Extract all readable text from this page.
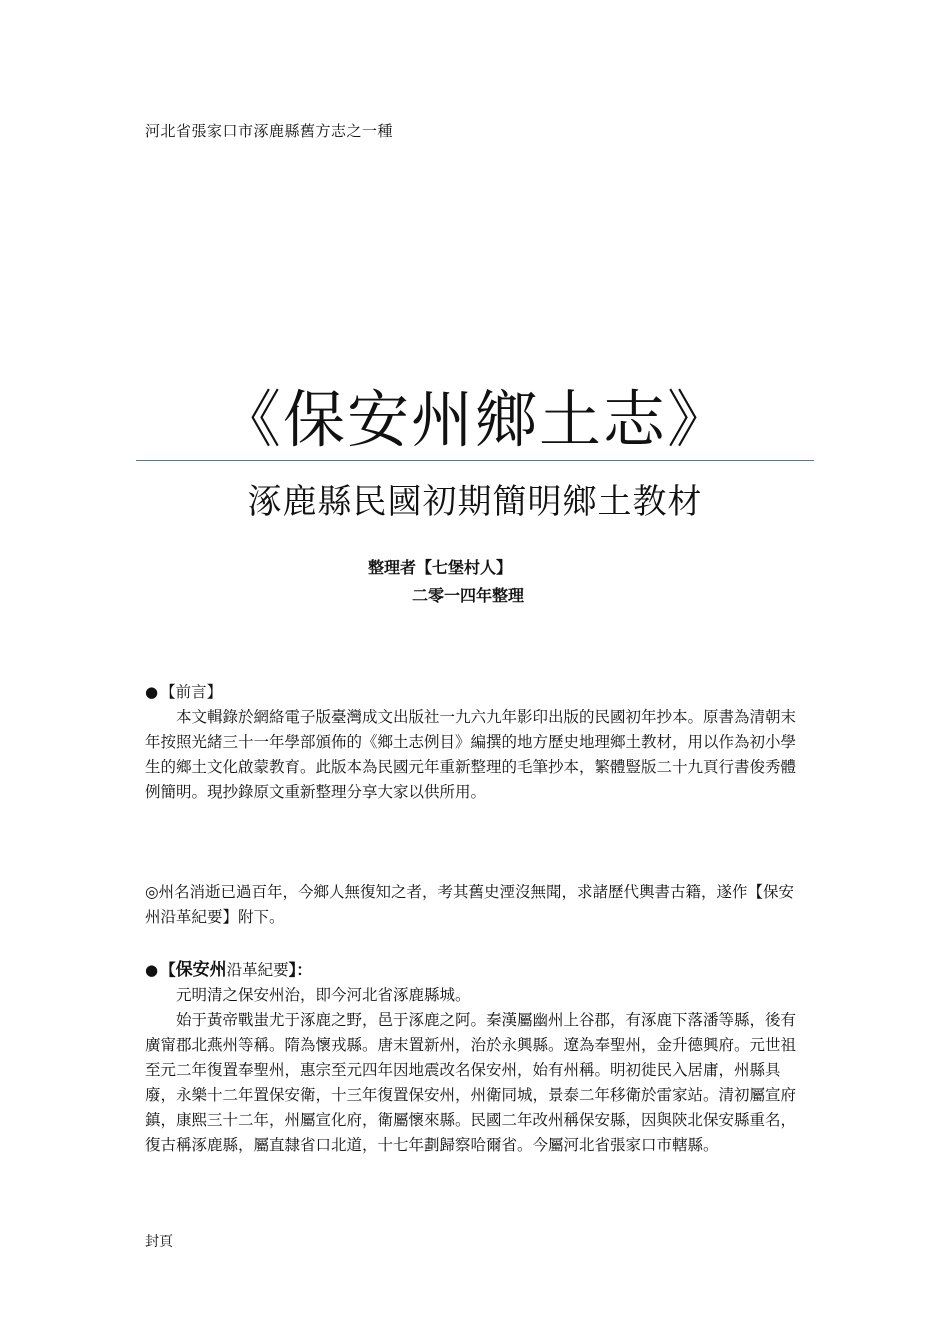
河北省張家口市涿鹿縣舊方志之一種
《保安州鄉土志》
涿鹿縣民國初期簡明鄉土教材
整理者【七堡村人】
二零一四年整理
● 【前言】
本文輯錄於網絡電子版臺灣成文出版社一九六九年影印出版的民國初年抄本。原書為清朝末年按照光緒三十一年學部頒佈的《鄉土志例目》編撰的地方歷史地理鄉土教材，用以作為初小學生的鄉土文化啟蒙教育。此版本為民國元年重新整理的毛筆抄本，繁體豎版二十九頁行書俊秀體例簡明。現抄錄原文重新整理分享大家以供所用。
◎州名消逝已過百年，今鄉人無復知之者，考其舊史湮沒無聞，求諸歷代輿書古籍，遂作【保安州沿革紀要】附下。
● 【保安州沿革紀要】：
元明清之保安州治，即今河北省涿鹿縣城。
始于黃帝戰蚩尤于涿鹿之野，邑于涿鹿之阿。秦漢屬幽州上谷郡，有涿鹿下落潘等縣，後有廣甯郡北燕州等稱。隋為懷戎縣。唐末置新州，治於永興縣。遼為奉聖州，金升德興府。元世祖至元二年復置奉聖州，惠宗至元四年因地震改名保安州，始有州稱。明初徙民入居庸，州縣具廢，永樂十二年置保安衛，十三年復置保安州，州衛同城，景泰二年移衛於雷家站。清初屬宣府鎮，康熙三十二年，州屬宣化府，衛屬懷來縣。民國二年改州稱保安縣，因與陝北保安縣重名，復古稱涿鹿縣，屬直隸省口北道，十七年劃歸察哈爾省。今屬河北省張家口市轄縣。
封頁
